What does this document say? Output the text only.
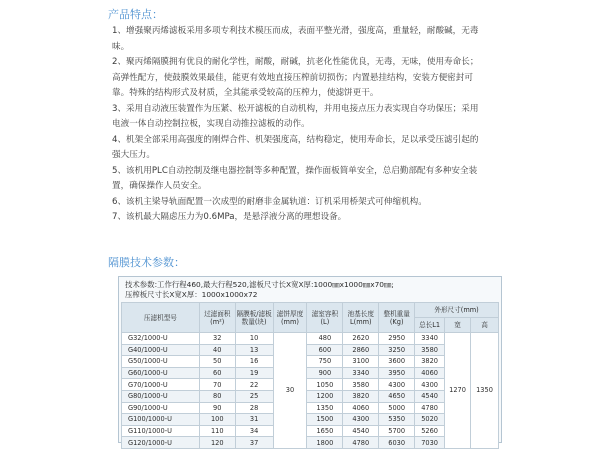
产品特点：
1、增强聚丙烯滤板采用多项专利技术模压而成，表面平整光滑，强度高，重量轻，耐酸碱，无毒味。
2、聚丙烯隔膜拥有优良的耐化学性，耐酸，耐碱，抗老化性能优良，无毒，无味，使用寿命长；高弹性配方，使鼓膜效果最佳，能更有效地直接压榨前切损伤；内置悬挂结构，安装方便密封可靠。特殊的结构形式及材质，全其能承受较高的压榨力，使滤饼更干。
3、采用自动液压装置作为压紧、松开滤板的自动机构，并用电接点压力表实现自夺功保压；采用电液一体自动控制拉板，实现自动推拉滤板的动作。
4、机架全部采用高强度的刚焊合件、机架强度高，结构稳定，使用寿命长，足以承受压滤引起的强大压力。
5、该机用PLC自动控制及继电器控制等多种配置，操作面板简单安全，总启勤部配有多种安全装置，确保操作人员安全。
6、该机主梁导轨面配置一次成型的耐磨非金属轨道：订机采用桥架式可伸缩机构。
7、该机最大隔虑压力为0.6MPa，是悬浮液分离的理想设备。
隔膜技术参数：
技术参数:工作行程460,最大行程520,滤板尺寸长X宽X厚:1000㎜x1000㎜x70㎜;
压榨板尺寸长X宽X厚：1000x1000x72
压滤机型号	过滤面积(m²)	隔膜板/滤板数量(块)	滤饼厚度(mm)	滤室容积(L)	池基长度L(mm)	整机重量(Kg)	外形尺寸(mm)		
							总长L1	宽	高
G32/1000-U	32	10	30	480	2620	2950	3340	1270	1350
G40/1000-U	40	13		600	2860	3250	3580		
G50/1000-U	50	16		750	3100	3600	3820		
G60/1000-U	60	19		900	3340	3950	4060		
G70/1000-U	70	22		1050	3580	4300	4300		
G80/1000-U	80	25		1200	3820	4650	4540		
G90/1000-U	90	28		1350	4060	5000	4780		
G100/1000-U	100	31		1500	4300	5350	5020		
G110/1000-U	110	34		1650	4540	5700	5260		
G120/1000-U	120	37		1800	4780	6030	7030		
